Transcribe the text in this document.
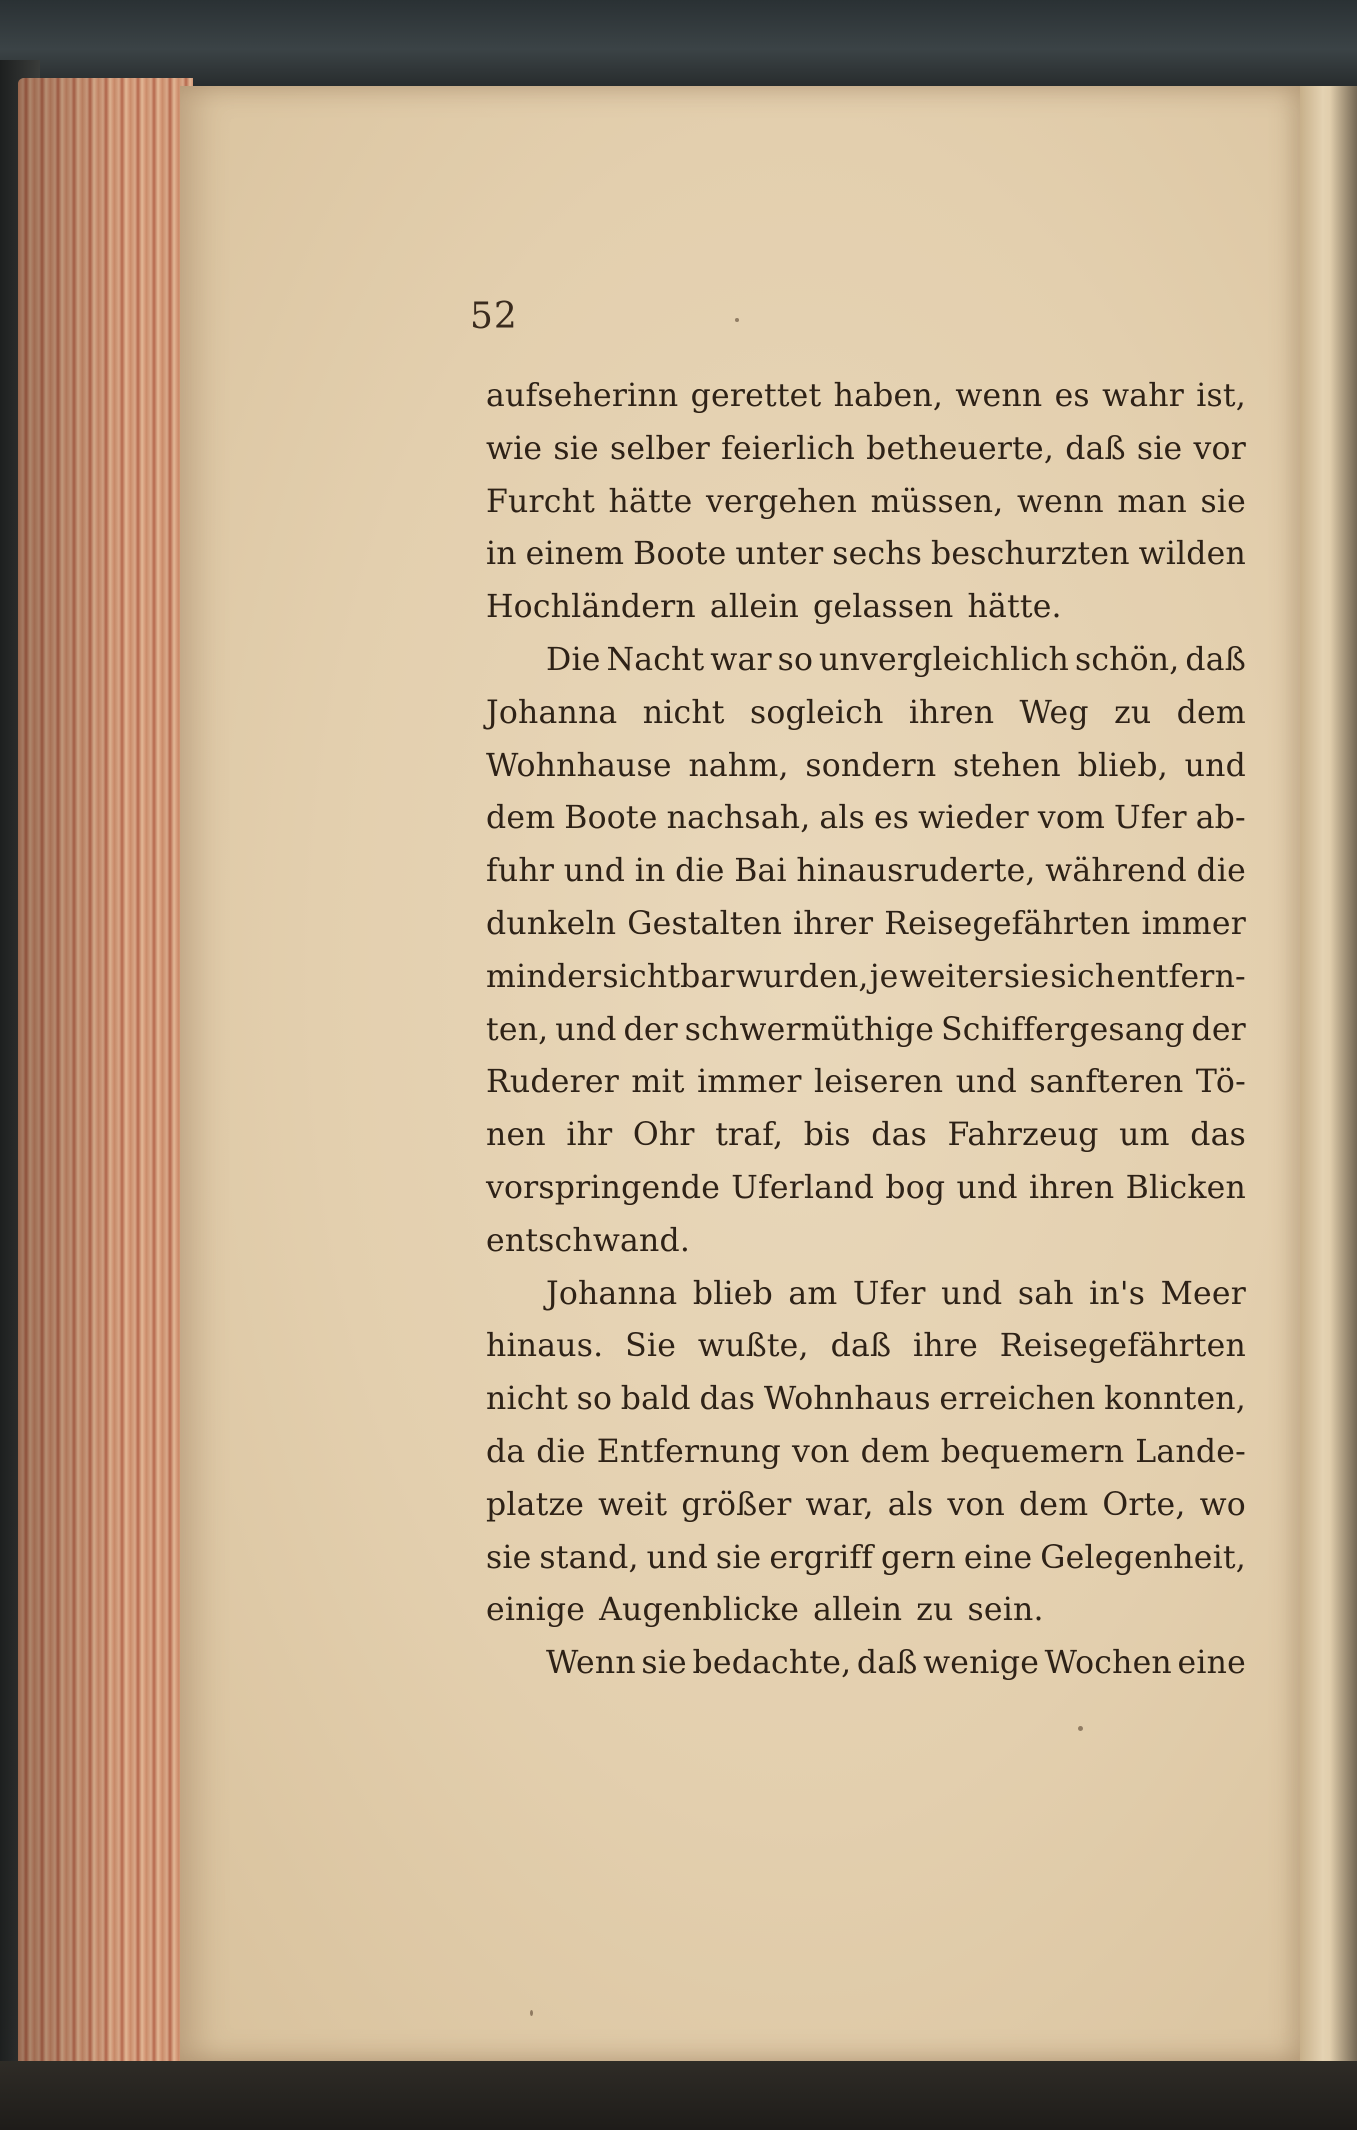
52
aufseherinn gerettet haben, wenn es wahr ist,
wie sie selber feierlich betheuerte, daß sie vor
Furcht hätte vergehen müssen, wenn man sie
in einem Boote unter sechs beschurzten wilden
Hochländern allein gelassen hätte.
Die Nacht war so unvergleichlich schön, daß
Johanna nicht sogleich ihren Weg zu dem
Wohnhause nahm, sondern stehen blieb, und
dem Boote nachsah, als es wieder vom Ufer ab-
fuhr und in die Bai hinausruderte, während die
dunkeln Gestalten ihrer Reisegefährten immer
minder sichtbar wurden, je weiter sie sich entfern-
ten, und der schwermüthige Schiffergesang der
Ruderer mit immer leiseren und sanfteren Tö-
nen ihr Ohr traf, bis das Fahrzeug um das
vorspringende Uferland bog und ihren Blicken
entschwand.
Johanna blieb am Ufer und sah in's Meer
hinaus. Sie wußte, daß ihre Reisegefährten
nicht so bald das Wohnhaus erreichen konnten,
da die Entfernung von dem bequemern Lande-
platze weit größer war, als von dem Orte, wo
sie stand, und sie ergriff gern eine Gelegenheit,
einige Augenblicke allein zu sein.
Wenn sie bedachte, daß wenige Wochen eine
